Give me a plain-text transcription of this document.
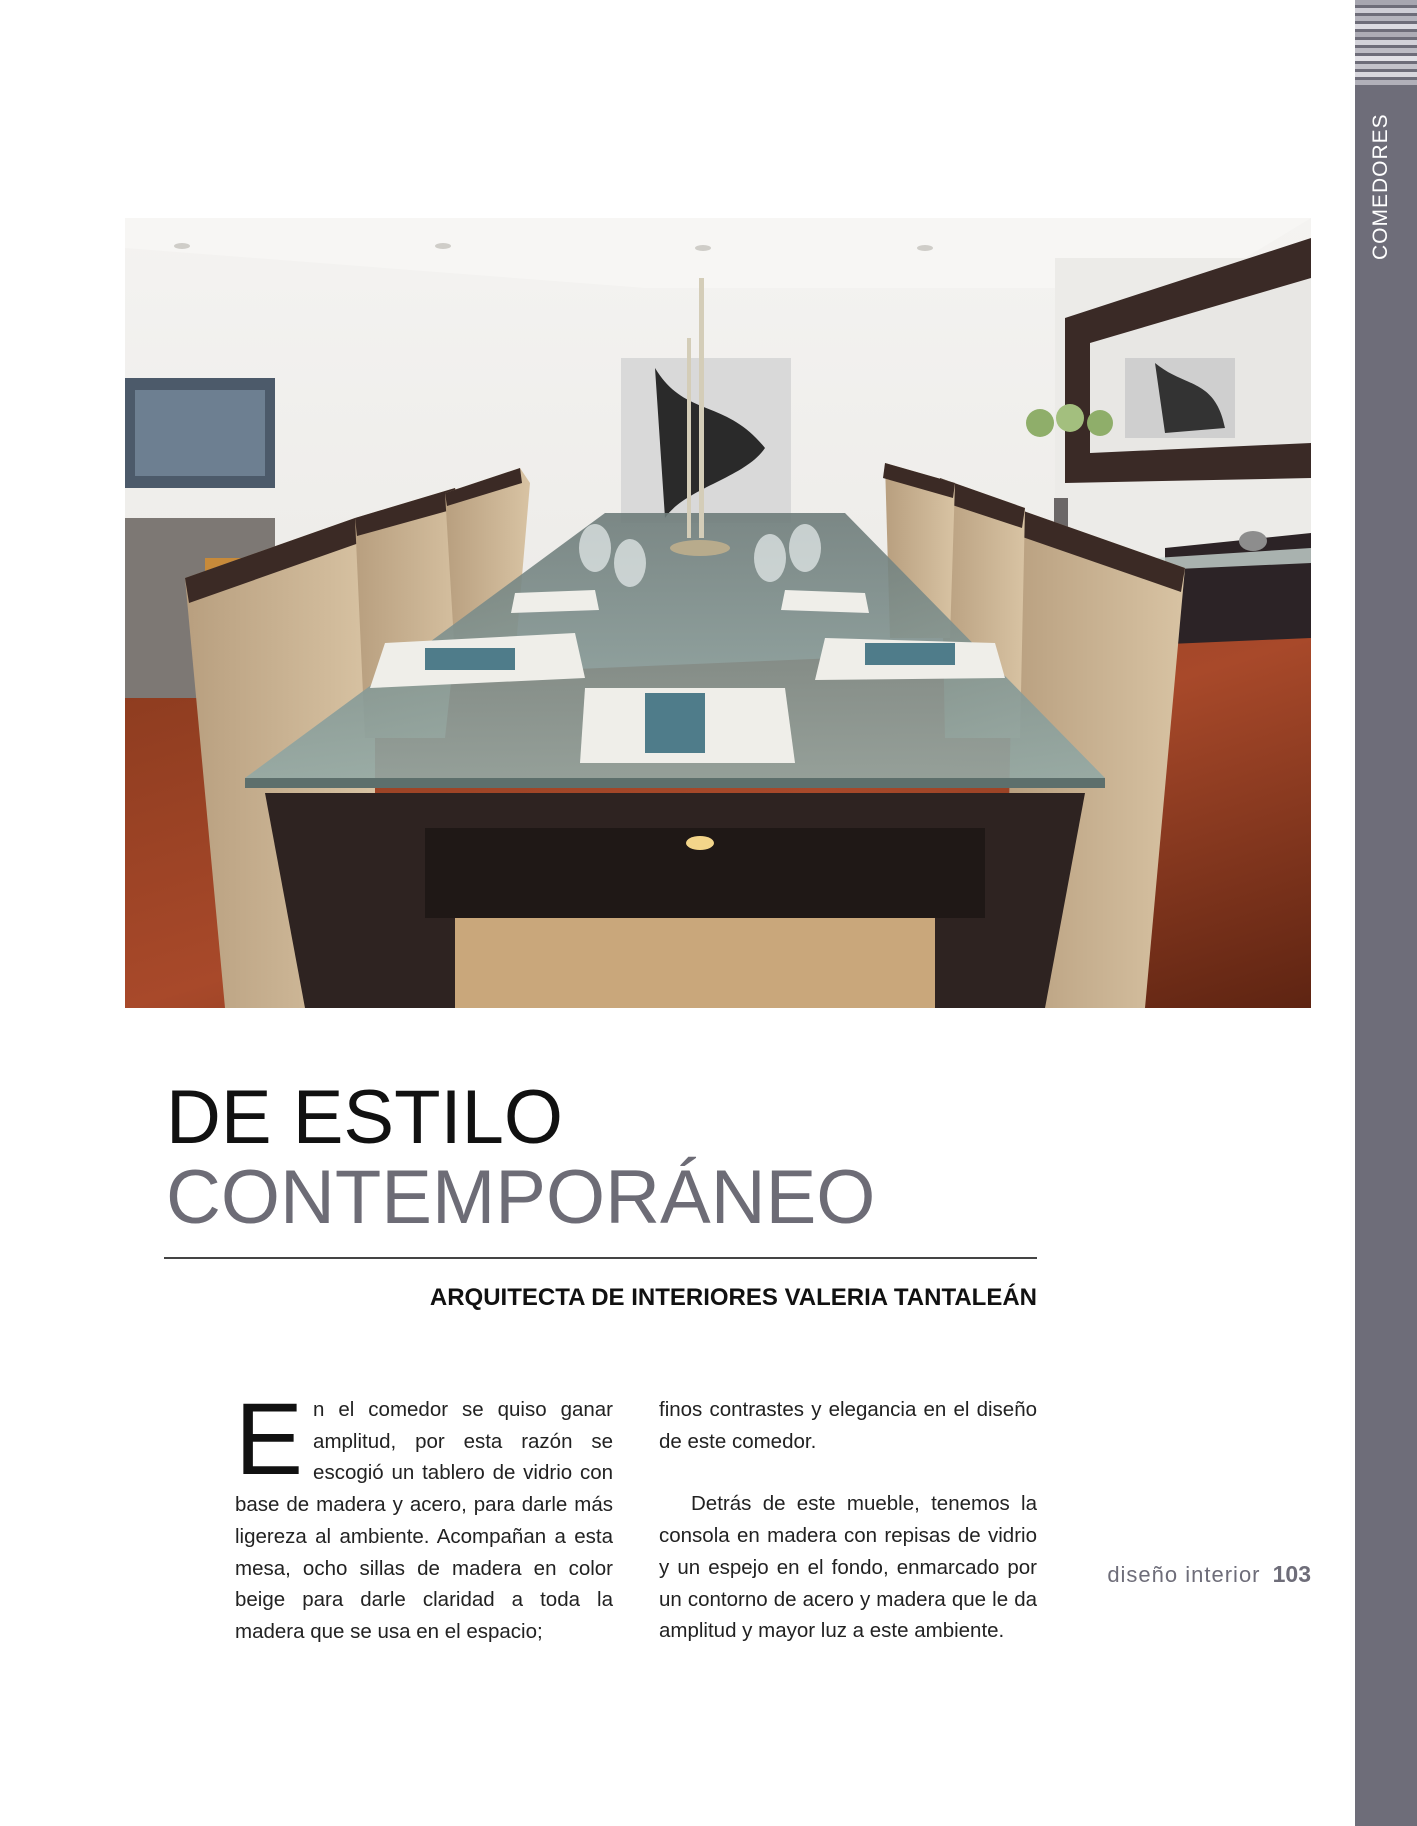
COMEDORES
DE ESTILO
CONTEMPORÁNEO
ARQUITECTA DE INTERIORES VALERIA TANTALEÁN
E n el comedor se quiso ganar amplitud, por esta razón se escogió un tablero de vidrio con base de madera y acero, para darle más ligereza al ambiente. Acompañan a esta mesa, ocho sillas de madera en color beige para darle claridad a toda la madera que se usa en el espacio;

finos contrastes y elegancia en el diseño de este comedor.

Detrás de este mueble, tenemos la consola en madera con repisas de vidrio y un espejo en el fondo, enmarcado por un contorno de acero y madera que le da amplitud y mayor luz a este ambiente.

diseño interior 103
